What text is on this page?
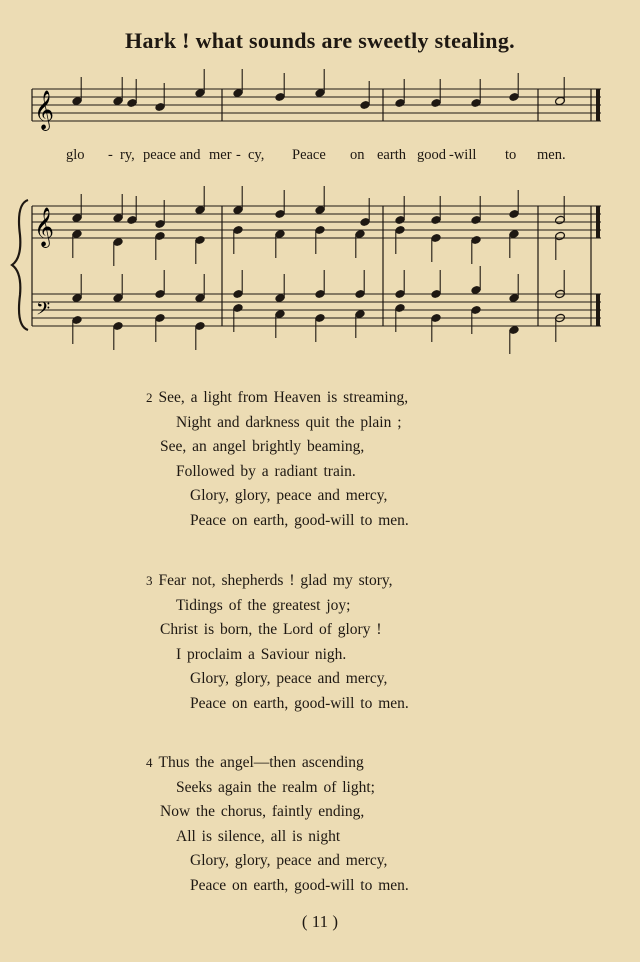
Hark ! what sounds are sweetly stealing.
𝄞
𝄞
𝄢
glo - ry, peace and mer - cy, Peace on earth good -will to men.
2 See, a light from Heaven is streaming,
Night and darkness quit the plain ;
See, an angel brightly beaming,
Followed by a radiant train.
Glory, glory, peace and mercy,
Peace on earth, good-will to men.
3 Fear not, shepherds ! glad my story,
Tidings of the greatest joy;
Christ is born, the Lord of glory !
I proclaim a Saviour nigh.
Glory, glory, peace and mercy,
Peace on earth, good-will to men.
4 Thus the angel—then ascending
Seeks again the realm of light;
Now the chorus, faintly ending,
All is silence, all is night
Glory, glory, peace and mercy,
Peace on earth, good-will to men.
( 11 )
